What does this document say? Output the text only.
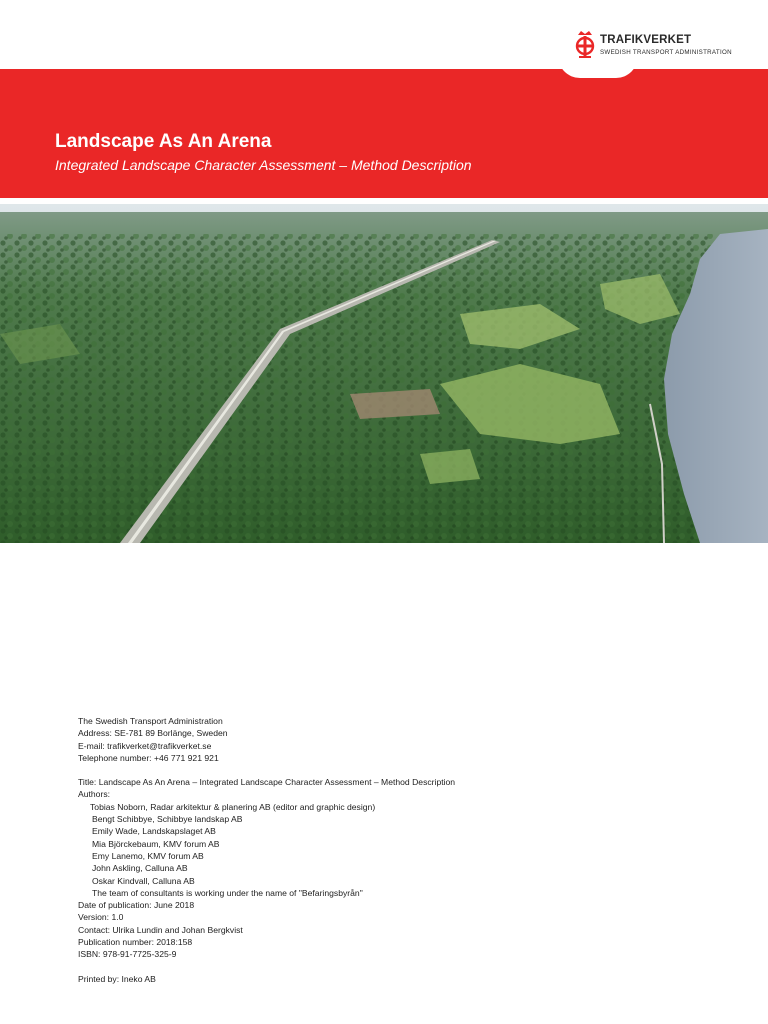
TRAFIKVERKET
SWEDISH TRANSPORT ADMINISTRATION
Landscape As An Arena

Integrated Landscape Character Assessment – Method Description

The Swedish Transport Administration

Address: SE-781 89 Borlänge, Sweden

E-mail: trafikverket@trafikverket.se

Telephone number: +46 771 921 921

Title: Landscape As An Arena – Integrated Landscape Character Assessment – Method Description

Authors:

Tobias Noborn, Radar arkitektur & planering AB (editor and graphic design)

Bengt Schibbye, Schibbye landskap AB

Emily Wade, Landskapslaget AB

Mia Björckebaum, KMV forum AB

Emy Lanemo, KMV forum AB

John Askling, Calluna AB

Oskar Kindvall, Calluna AB

The team of consultants is working under the name of "Befaringsbyrån"

Date of publication: June 2018

Version: 1.0

Contact: Ulrika Lundin and Johan Bergkvist

Publication number: 2018:158

ISBN: 978-91-7725-325-9

Printed by: Ineko AB
